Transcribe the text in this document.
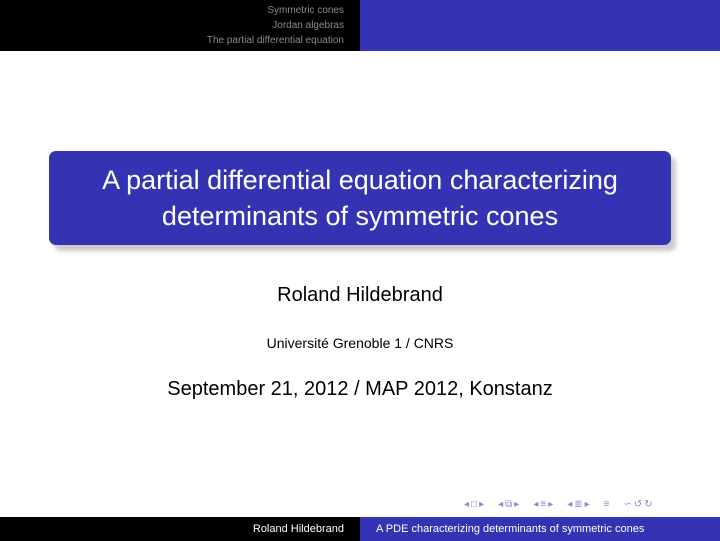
Symmetric cones
Jordan algebras
The partial differential equation
A partial differential equation characterizing determinants of symmetric cones
Roland Hildebrand
Université Grenoble 1 / CNRS
September 21, 2012 / MAP 2012, Konstanz
◂ □ ▸ ◂ ⧉ ▸ ◂ ≡ ▸ ◂ ≣ ▸ ≡ ∽ ↺ ↻
Roland Hildebrand	A PDE characterizing determinants of symmetric cones
